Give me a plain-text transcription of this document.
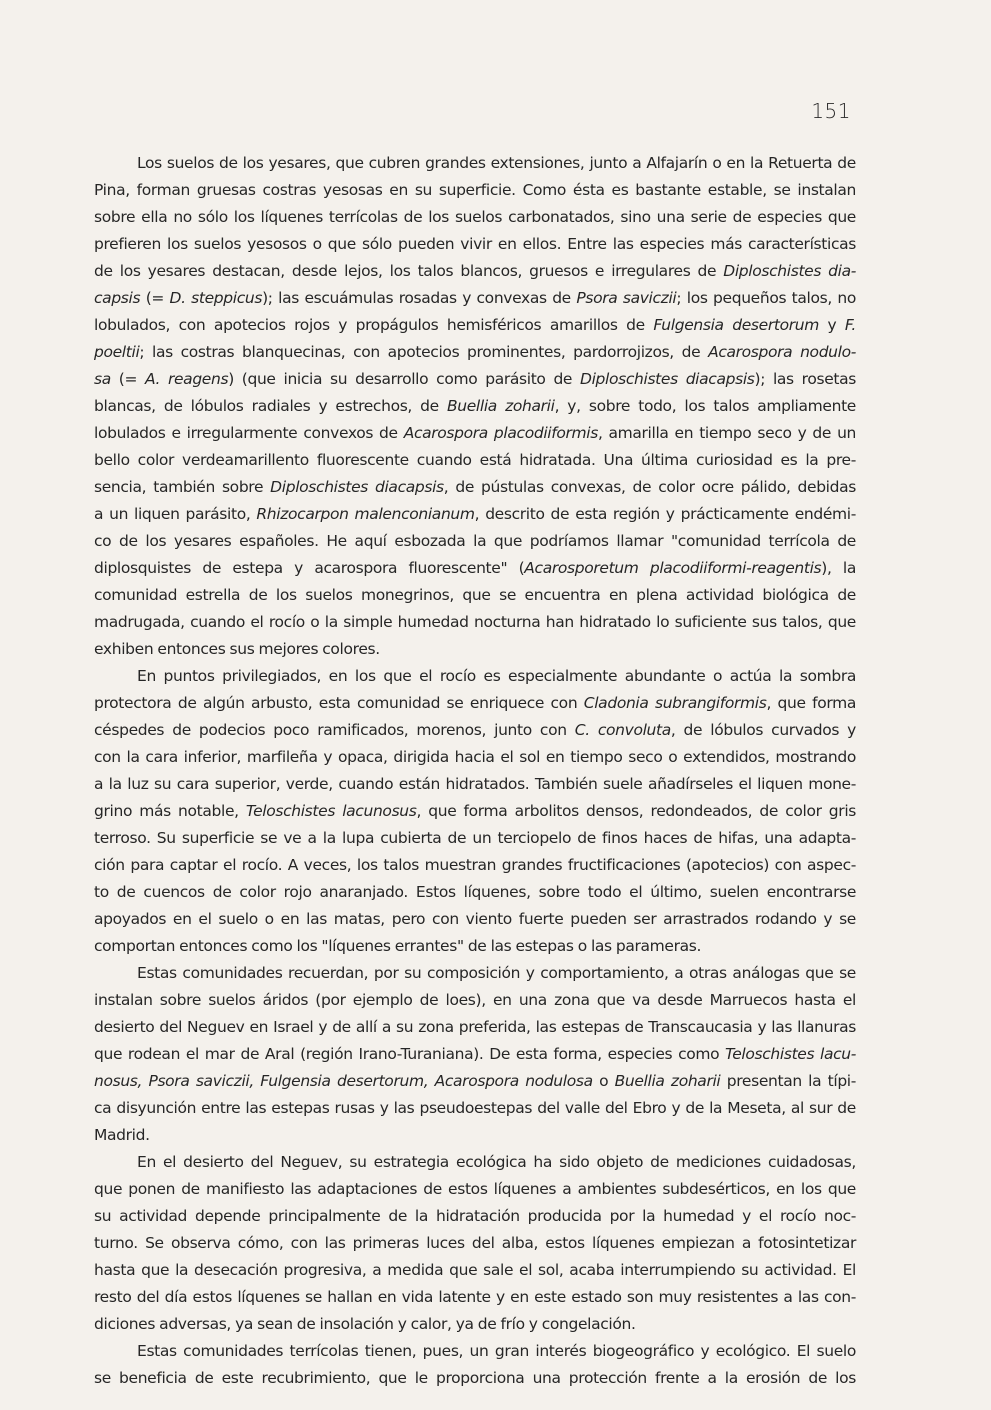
151
Los suelos de los yesares, que cubren grandes extensiones, junto a Alfajarín o en la Retuerta de
Pina, forman gruesas costras yesosas en su superficie. Como ésta es bastante estable, se instalan
sobre ella no sólo los líquenes terrícolas de los suelos carbonatados, sino una serie de especies que
prefieren los suelos yesosos o que sólo pueden vivir en ellos. Entre las especies más características
de los yesares destacan, desde lejos, los talos blancos, gruesos e irregulares de Diploschistes dia-
capsis (= D. steppicus); las escuámulas rosadas y convexas de Psora saviczii; los pequeños talos, no
lobulados, con apotecios rojos y propágulos hemisféricos amarillos de Fulgensia desertorum y F.
poeltii; las costras blanquecinas, con apotecios prominentes, pardorrojizos, de Acarospora nodulo-
sa (= A. reagens) (que inicia su desarrollo como parásito de Diploschistes diacapsis); las rosetas
blancas, de lóbulos radiales y estrechos, de Buellia zoharii, y, sobre todo, los talos ampliamente
lobulados e irregularmente convexos de Acarospora placodiiformis, amarilla en tiempo seco y de un
bello color verdeamarillento fluorescente cuando está hidratada. Una última curiosidad es la pre-
sencia, también sobre Diploschistes diacapsis, de pústulas convexas, de color ocre pálido, debidas
a un liquen parásito, Rhizocarpon malenconianum, descrito de esta región y prácticamente endémi-
co de los yesares españoles. He aquí esbozada la que podríamos llamar "comunidad terrícola de
diplosquistes de estepa y acarospora fluorescente" (Acarosporetum placodiiformi-reagentis), la
comunidad estrella de los suelos monegrinos, que se encuentra en plena actividad biológica de
madrugada, cuando el rocío o la simple humedad nocturna han hidratado lo suficiente sus talos, que
exhiben entonces sus mejores colores.
En puntos privilegiados, en los que el rocío es especialmente abundante o actúa la sombra
protectora de algún arbusto, esta comunidad se enriquece con Cladonia subrangiformis, que forma
céspedes de podecios poco ramificados, morenos, junto con C. convoluta, de lóbulos curvados y
con la cara inferior, marfileña y opaca, dirigida hacia el sol en tiempo seco o extendidos, mostrando
a la luz su cara superior, verde, cuando están hidratados. También suele añadírseles el liquen mone-
grino más notable, Teloschistes lacunosus, que forma arbolitos densos, redondeados, de color gris
terroso. Su superficie se ve a la lupa cubierta de un terciopelo de finos haces de hifas, una adapta-
ción para captar el rocío. A veces, los talos muestran grandes fructificaciones (apotecios) con aspec-
to de cuencos de color rojo anaranjado. Estos líquenes, sobre todo el último, suelen encontrarse
apoyados en el suelo o en las matas, pero con viento fuerte pueden ser arrastrados rodando y se
comportan entonces como los "líquenes errantes" de las estepas o las parameras.
Estas comunidades recuerdan, por su composición y comportamiento, a otras análogas que se
instalan sobre suelos áridos (por ejemplo de loes), en una zona que va desde Marruecos hasta el
desierto del Neguev en Israel y de allí a su zona preferida, las estepas de Transcaucasia y las llanuras
que rodean el mar de Aral (región Irano-Turaniana). De esta forma, especies como Teloschistes lacu-
nosus, Psora saviczii, Fulgensia desertorum, Acarospora nodulosa o Buellia zoharii presentan la típi-
ca disyunción entre las estepas rusas y las pseudoestepas del valle del Ebro y de la Meseta, al sur de
Madrid.
En el desierto del Neguev, su estrategia ecológica ha sido objeto de mediciones cuidadosas,
que ponen de manifiesto las adaptaciones de estos líquenes a ambientes subdesérticos, en los que
su actividad depende principalmente de la hidratación producida por la humedad y el rocío noc-
turno. Se observa cómo, con las primeras luces del alba, estos líquenes empiezan a fotosintetizar
hasta que la desecación progresiva, a medida que sale el sol, acaba interrumpiendo su actividad. El
resto del día estos líquenes se hallan en vida latente y en este estado son muy resistentes a las con-
diciones adversas, ya sean de insolación y calor, ya de frío y congelación.
Estas comunidades terrícolas tienen, pues, un gran interés biogeográfico y ecológico. El suelo
se beneficia de este recubrimiento, que le proporciona una protección frente a la erosión de los
